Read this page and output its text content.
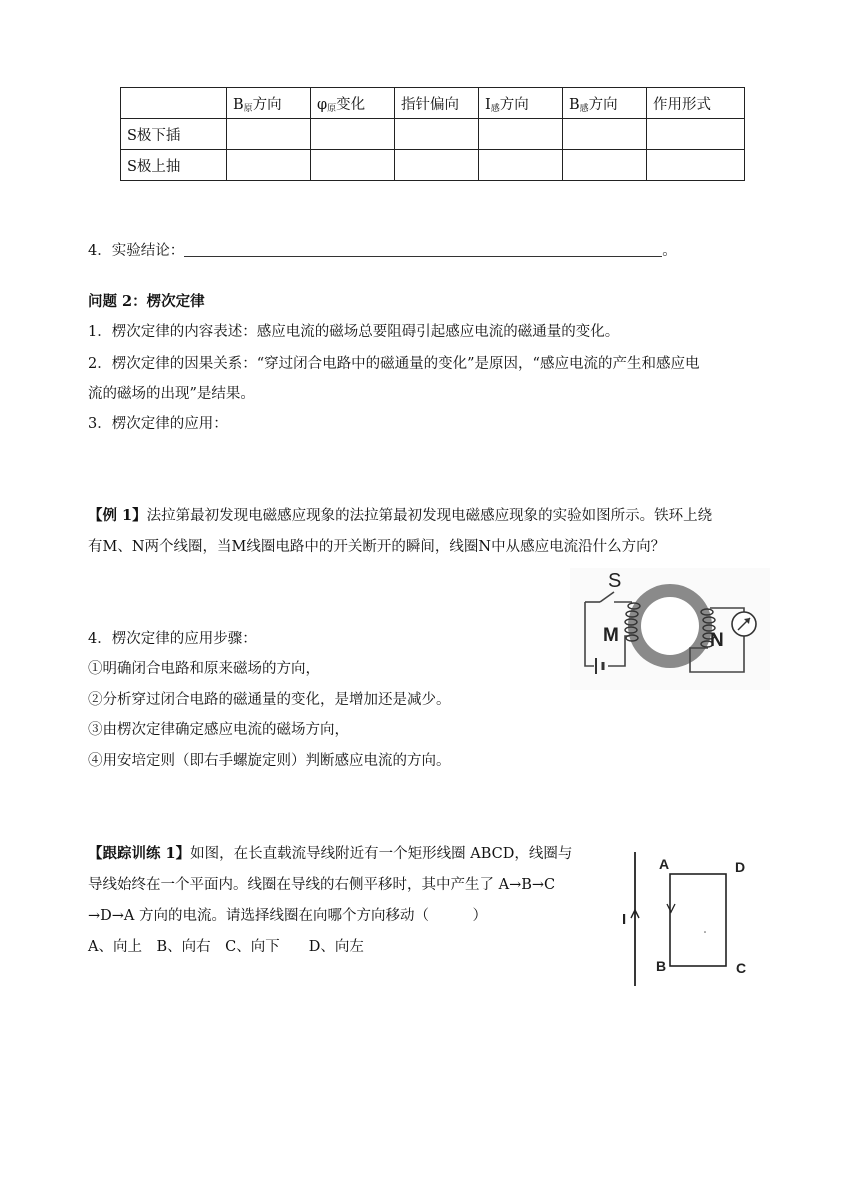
	$B_原$方向	$\varphi_原$变化	指针偏向	$I_感$方向	$B_感$方向	作用形式
S极下插						
S极上抽						
4．实验结论：	。
问题 2：楞次定律
1．楞次定律的内容表述：感应电流的磁场总要阻碍引起感应电流的磁通量的变化。
2．楞次定律的因果关系：“穿过闭合电路中的磁通量的变化”是原因，“感应电流的产生和感应电
流的磁场的出现”是结果。
3．楞次定律的应用：
【例 1】法拉第最初发现电磁感应现象的法拉第最初发现电磁感应现象的实验如图所示。铁环上绕
有M、N两个线圈，当M线圈电路中的开关断开的瞬间，线圈N中从感应电流沿什么方向？
S
M	N
4．楞次定律的应用步骤：
①明确闭合电路和原来磁场的方向，
②分析穿过闭合电路的磁通量的变化，是增加还是减少。
③由楞次定律确定感应电流的磁场方向，
④用安培定则（即右手螺旋定则）判断感应电流的方向。
【跟踪训练 1】如图，在长直载流导线附近有一个矩形线圈 ABCD，线圈与
导线始终在一个平面内。线圈在导线的右侧平移时，其中产生了 A→B→C
→D→A 方向的电流。请选择线圈在向哪个方向移动（　　　）
A、向上　B、向右　C、向下　　D、向左
I
A	D
B	C
